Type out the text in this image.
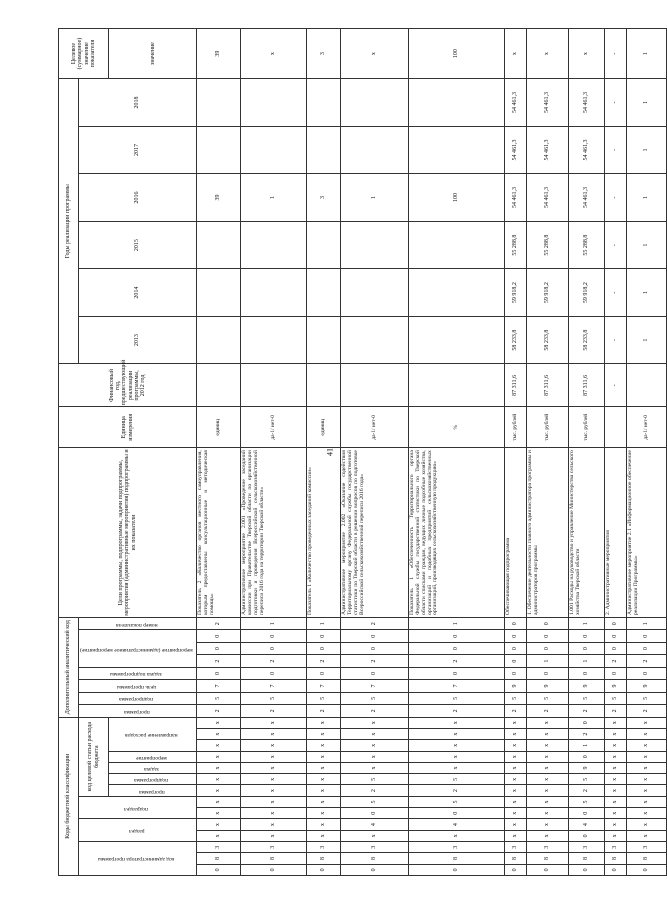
41
Коды бюджетной классификации														Дополнительный аналитический код								Цели программы, подпрограммы, задачи подпрограммы, мероприятия (административные мероприятия) подпрограммы и их показатели	Единица измерения	Финансовый год, предшествующий реализации программы, 2012 год	Годы реализации программы						Целевое (суммарное) значение показателя
код администратора программы			раздел		подраздел		код целевой статьи расхода бюджета							программа	подпрограмма	цель программы	задача подпрограммы	мероприятие (административное мероприятие)			номер показателя				2013	2014	2015	2016	2017	2018	
							программа	подпрограмма	задача	мероприятие	направление расходов																				значение
0	8	3	x	x	x	x	x	x	x	x	x	x	x	2	5	7	0	2	0	0	2	Показатель 2 «Количество органов местного самоуправления, которым предоставлены консультационные и методическая помощь»	единиц					39			39
0	8	3	x	x	x	x	x	x	x	x	x	x	x	2	5	7	0	2	0	0	1	Административное мероприятие 2.001 «Проведение заседаний комиссии при Правительстве Тверской области по организации подготовки и проведения Всероссийской сельскохозяйственной переписи 2016 года на территории Тверской области»	да-1/ нет-0					1			x
0	8	3	x	x	x	x	x	x	x	x	x	x	x	2	5	7	0	2	0	0	1	Показатель 1 «Количество проведенных заседаний комиссии»	единиц					3			3
0	8	3	x	4	0	5	2	5	x	x	x	x	x	2	5	7	0	2	0	0	2	Административное мероприятие 2.002 «Оказание содействия Территориальному органу Федеральной службы государственной статистики по Тверской области в решении вопросов по подготовке Всероссийской сельскохозяйственной переписи 2016 года»	да-1/ нет-0					1			x
0	8	3	x	4	0	5	2	5	x	x	x	x	x	2	5	7	0	2	0	0	1	Показатель 1 «Обеспеченность Территориального органа Федеральной службы государственной статистики по Тверской области списками граждан, ведущих личные подсобные хозяйства, организаций и подобных предприятий сельскохозяйственных организаций, производящих сельскохозяйственную продукцию»	%					100			100
0	8	3	x	x	x	x	x	x	x	x	x	x	x	2	5	9	0	0	0	0	0	Обеспечивающая подпрограмма	тыс. рублей	87 311,6	58 233,8	59 918,2	55 288,8	54 461,3	54 461,3	54 461,3	x
0	8	3	x	x	x	x	x	x	x	x	x	x	x	2	5	9	0	1	0	0	0	1. Обеспечение деятельности главного администратора программы и администраторов программы	тыс. рублей	87 311,6	58 233,8	59 918,2	55 288,8	54 461,3	54 461,3	54 461,3	x
0	8	3	0	4	0	5	2	5	9	0	1	2	0	2	5	9	0	1	0	0	1	1.001 Расходы на руководство и управление Министерства сельского хозяйства Тверской области	тыс. рублей	87 311,6	58 233,8	59 918,2	55 288,8	54 461,3	54 461,3	54 461,3	x
0	8	3	x	x	x	x	x	x	x	x	x	x	x	2	5	9	0	2	0	0	0	2. Административные мероприятия		-	-	-	-	-	-	-	-
0	8	3	x	x	x	x	x	x	x	x	x	x	x	2	5	9	0	2	0	0	1	Административное мероприятие 2.1 «Информационное обеспечение реализации Программы»	да-1/ нет-0		1	1	1	1	1	1	1
